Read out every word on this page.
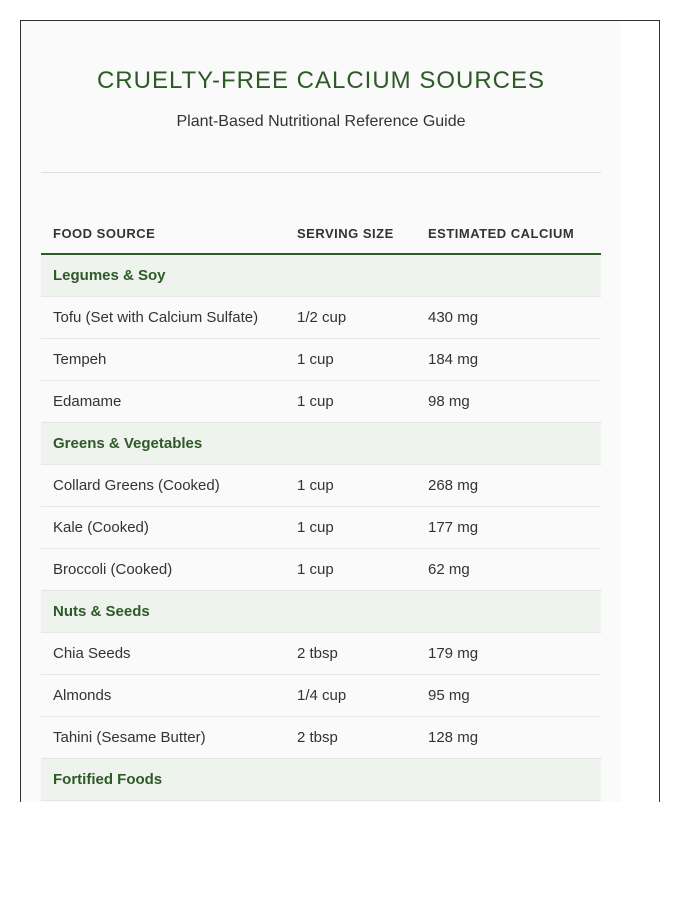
CRUELTY-FREE CALCIUM SOURCES

Plant-Based Nutritional Reference Guide

FOOD SOURCE	SERVING SIZE	ESTIMATED CALCIUM
Legumes & Soy		
Tofu (Set with Calcium Sulfate)	1/2 cup	430 mg
Tempeh	1 cup	184 mg
Edamame	1 cup	98 mg
Greens & Vegetables		
Collard Greens (Cooked)	1 cup	268 mg
Kale (Cooked)	1 cup	177 mg
Broccoli (Cooked)	1 cup	62 mg
Nuts & Seeds		
Chia Seeds	2 tbsp	179 mg
Almonds	1/4 cup	95 mg
Tahini (Sesame Butter)	2 tbsp	128 mg
Fortified Foods		
